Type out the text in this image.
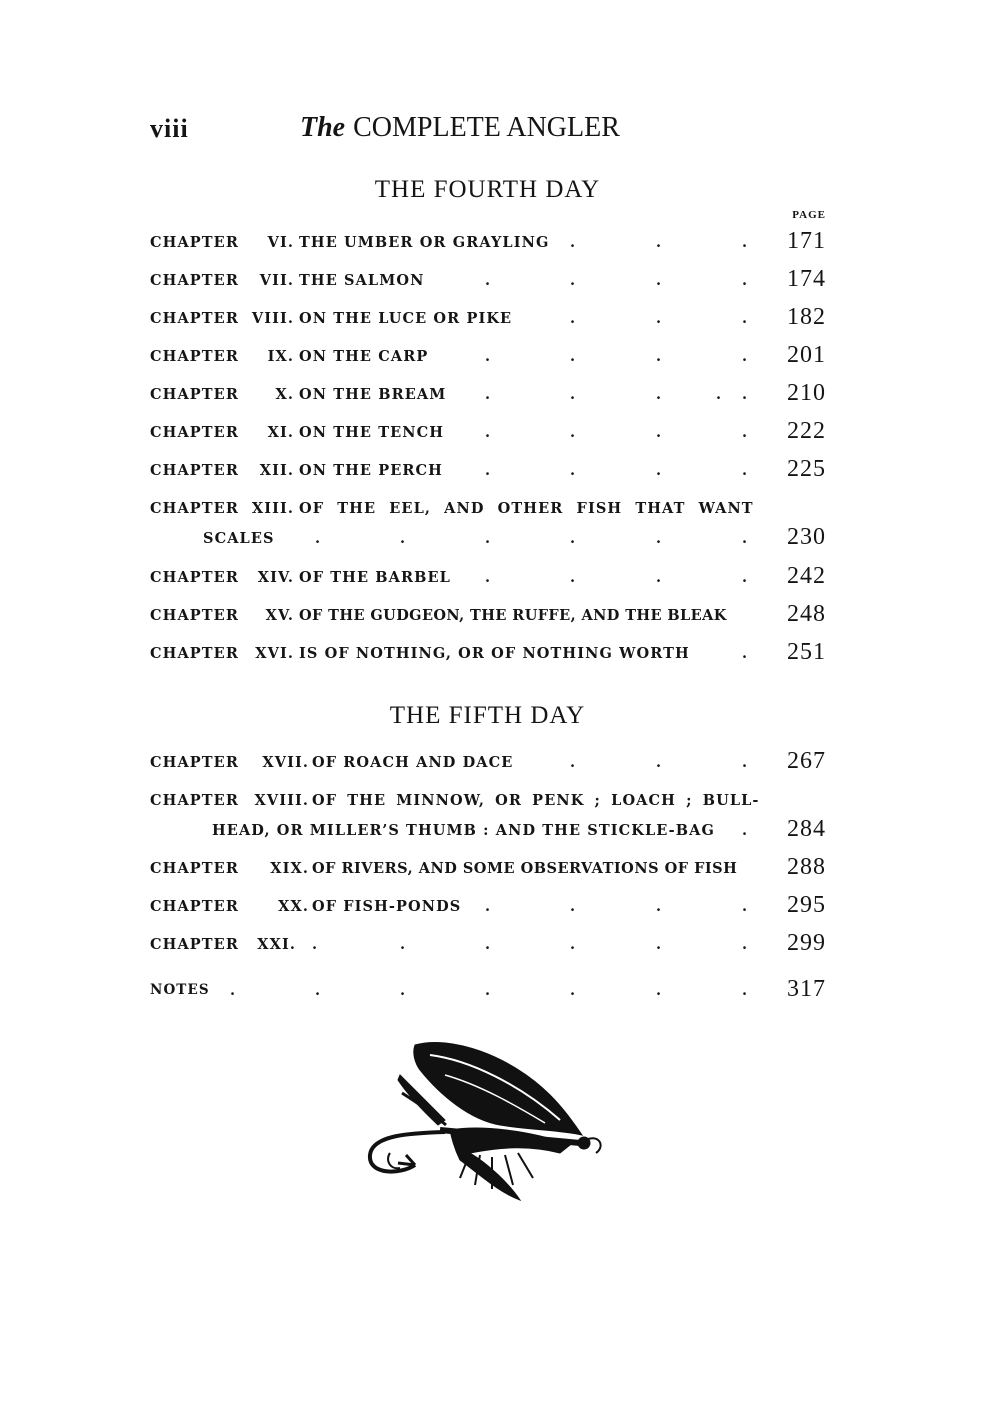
viii	The COMPLETE ANGLER
THE FOURTH DAY
PAGE
CHAPTER VI. THE UMBER OR GRAYLING .	.	.	171
CHAPTER VII. THE SALMON	.	.	.	.	174
CHAPTER VIII. ON THE LUCE OR PIKE	.	.	.	182
CHAPTER IX. ON THE CARP	.	.	.	.	201
CHAPTER	X. ON THE BREAM	.	.	.	. .	210
CHAPTER XI. ON THE TENCH	.	.	.	.	222
CHAPTER XII. ON THE PERCH	.	.	.	.	225
CHAPTER XIII. OF THE EEL, AND OTHER FISH THAT WANT
SCALES	.	.	.	.	.	.	230
CHAPTER XIV. OF THE BARBEL .	.	.	.	242
CHAPTER XV. OF THE GUDGEON, THE RUFFE, AND THE BLEAK	248
CHAPTER XVI. IS OF NOTHING, OR OF NOTHING WORTH	.	251
THE FIFTH DAY
CHAPTER XVII. OF ROACH AND DACE	.	.	.	267
CHAPTER XVIII. OF THE MINNOW, OR PENK ; LOACH ; BULL-
HEAD, OR MILLER’S THUMB : AND THE STICKLE-BAG .	284
CHAPTER XIX. OF RIVERS, AND SOME OBSERVATIONS OF FISH	288
CHAPTER	XX. OF FISH-PONDS .	.	.	.	295
CHAPTER XXI. .	.	.	.	.	.	299
NOTES .	.	.	.	.	.	.	317
